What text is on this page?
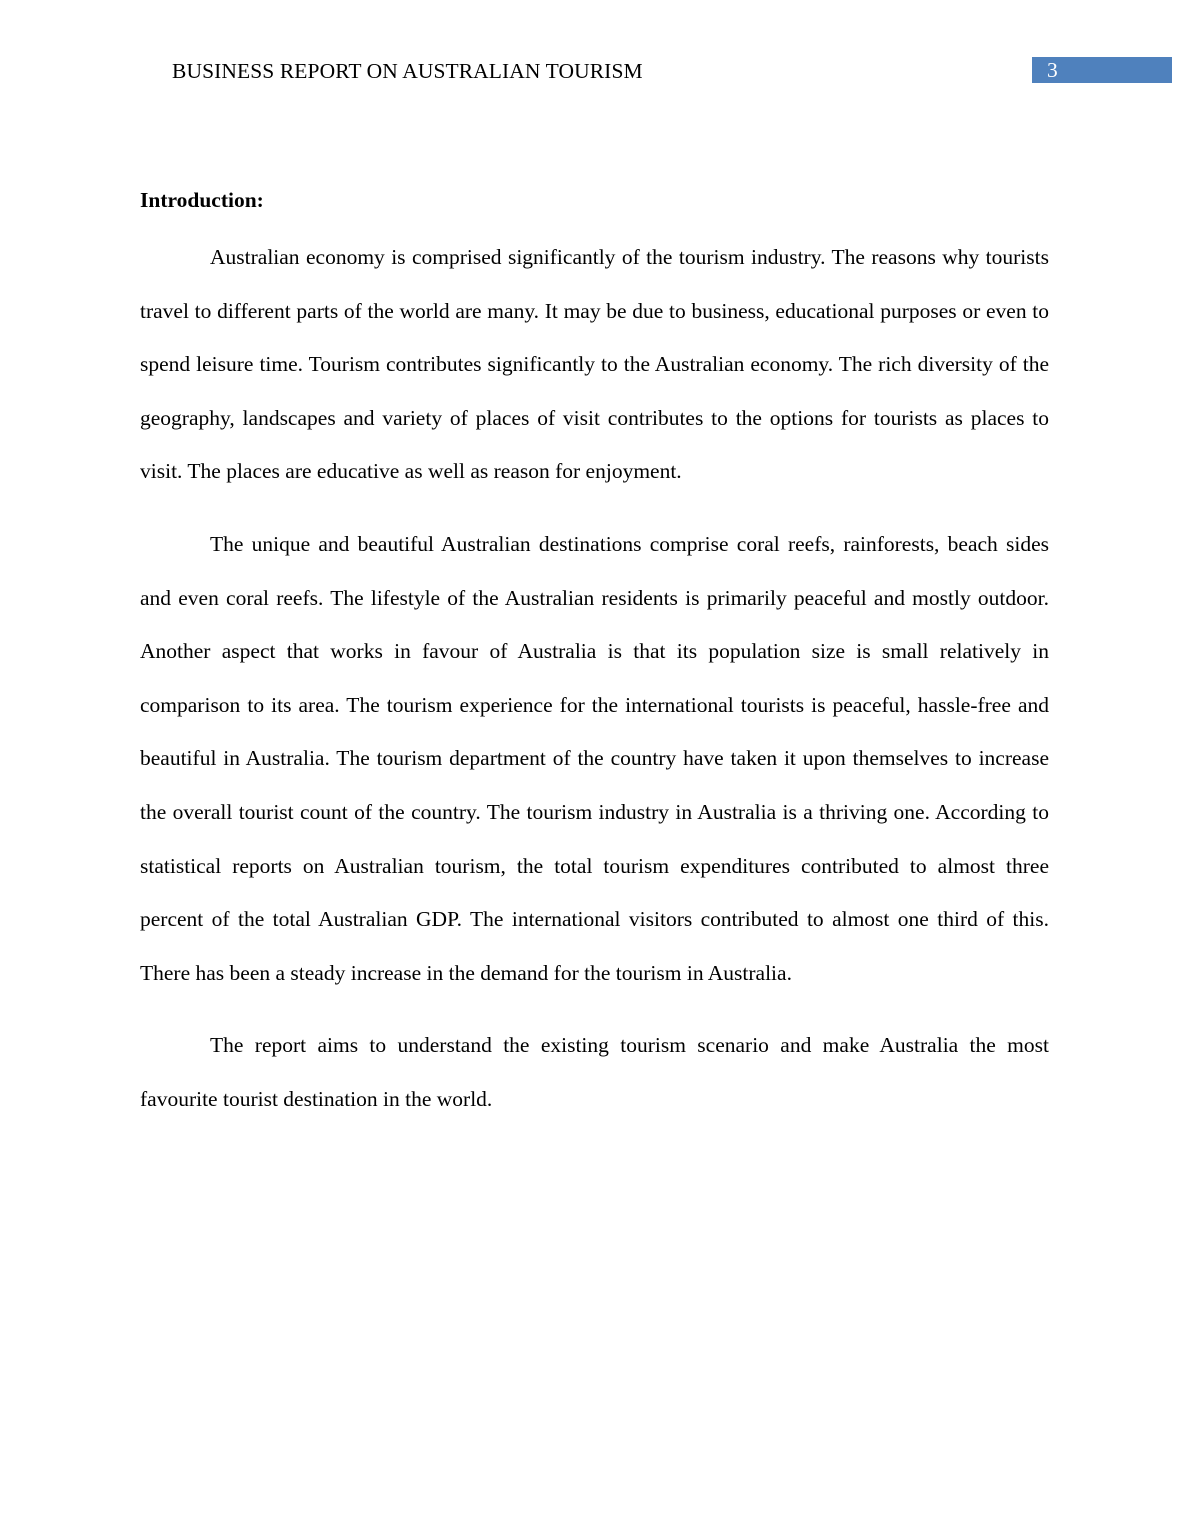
BUSINESS REPORT ON AUSTRALIAN TOURISM	3
Introduction:

Australian economy is comprised significantly of the tourism industry. The reasons why tourists travel to different parts of the world are many. It may be due to business, educational purposes or even to spend leisure time. Tourism contributes significantly to the Australian economy. The rich diversity of the geography, landscapes and variety of places of visit contributes to the options for tourists as places to visit. The places are educative as well as reason for enjoyment.

The unique and beautiful Australian destinations comprise coral reefs, rainforests, beach sides and even coral reefs. The lifestyle of the Australian residents is primarily peaceful and mostly outdoor. Another aspect that works in favour of Australia is that its population size is small relatively in comparison to its area. The tourism experience for the international tourists is peaceful, hassle-free and beautiful in Australia. The tourism department of the country have taken it upon themselves to increase the overall tourist count of the country. The tourism industry in Australia is a thriving one. According to statistical reports on Australian tourism, the total tourism expenditures contributed to almost three percent of the total Australian GDP. The international visitors contributed to almost one third of this. There has been a steady increase in the demand for the tourism in Australia.

The report aims to understand the existing tourism scenario and make Australia the most favourite tourist destination in the world.
